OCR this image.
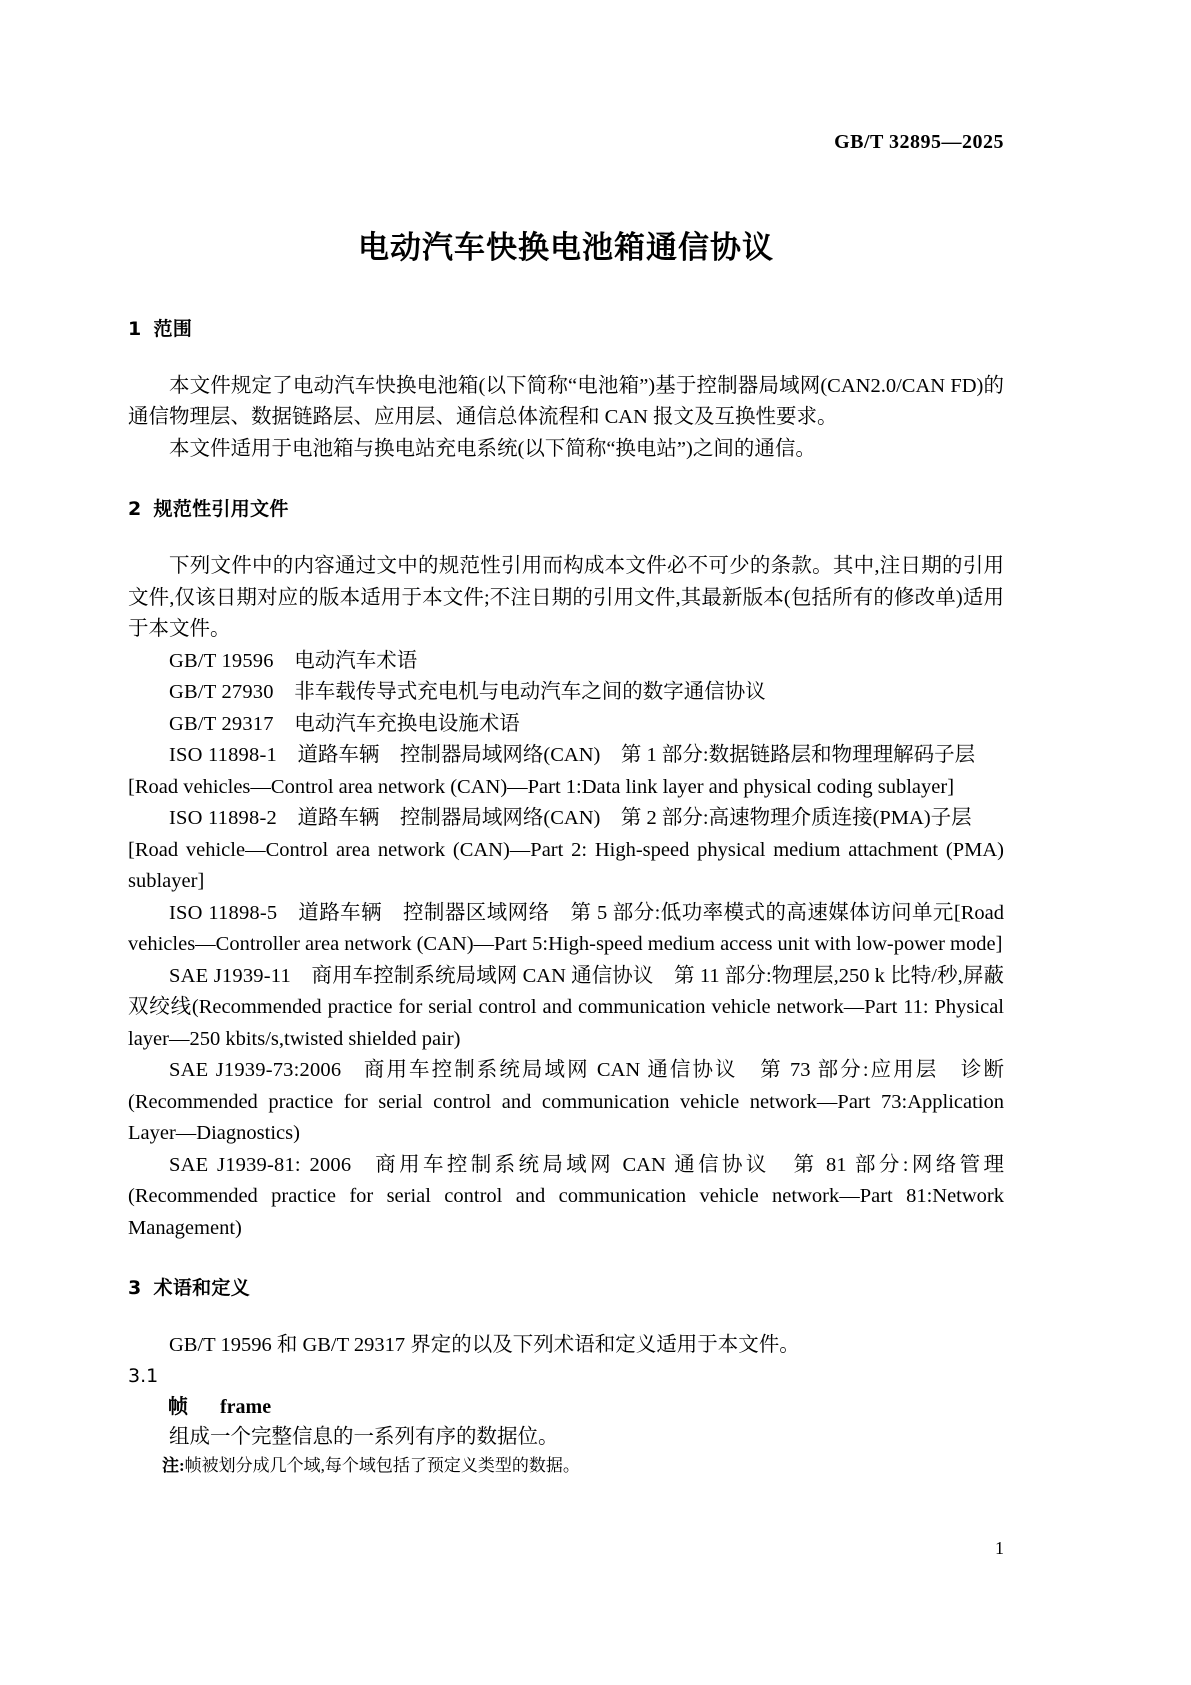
GB/T 32895—2025
电动汽车快换电池箱通信协议
1 范围

本文件规定了电动汽车快换电池箱(以下简称“电池箱”)基于控制器局域网(CAN2.0/CAN FD)的通信物理层、数据链路层、应用层、通信总体流程和 CAN 报文及互换性要求。

本文件适用于电池箱与换电站充电系统(以下简称“换电站”)之间的通信。

2 规范性引用文件

下列文件中的内容通过文中的规范性引用而构成本文件必不可少的条款。其中,注日期的引用文件,仅该日期对应的版本适用于本文件;不注日期的引用文件,其最新版本(包括所有的修改单)适用于本文件。

GB/T 19596 电动汽车术语

GB/T 27930 非车载传导式充电机与电动汽车之间的数字通信协议

GB/T 29317 电动汽车充换电设施术语

ISO 11898-1 道路车辆　控制器局域网络(CAN)　第 1 部分:数据链路层和物理理解码子层

[Road vehicles—Control area network (CAN)—Part 1:Data link layer and physical coding sublayer]

ISO 11898-2 道路车辆　控制器局域网络(CAN)　第 2 部分:高速物理介质连接(PMA)子层

[Road vehicle—Control area network (CAN)—Part 2: High-speed physical medium attachment (PMA) sublayer]

ISO 11898-5 道路车辆　控制器区域网络　第 5 部分:低功率模式的高速媒体访问单元[Road vehicles—Controller area network (CAN)—Part 5:High-speed medium access unit with low-power mode]

SAE J1939-11 商用车控制系统局域网 CAN 通信协议　第 11 部分:物理层,250 k 比特/秒,屏蔽双绞线(Recommended practice for serial control and communication vehicle network—Part 11: Physical layer—250 kbits/s,twisted shielded pair)

SAE J1939-73:2006 商用车控制系统局域网 CAN 通信协议　第 73 部分:应用层　诊断(Recommended practice for serial control and communication vehicle network—Part 73:Application Layer—Diagnostics)

SAE J1939-81: 2006 商用车控制系统局域网 CAN 通信协议　第 81 部分:网络管理(Recommended practice for serial control and communication vehicle network—Part 81:Network Management)

3 术语和定义

GB/T 19596 和 GB/T 29317 界定的以及下列术语和定义适用于本文件。

3.1

帧 frame

组成一个完整信息的一系列有序的数据位。

注:帧被划分成几个域,每个域包括了预定义类型的数据。

1
